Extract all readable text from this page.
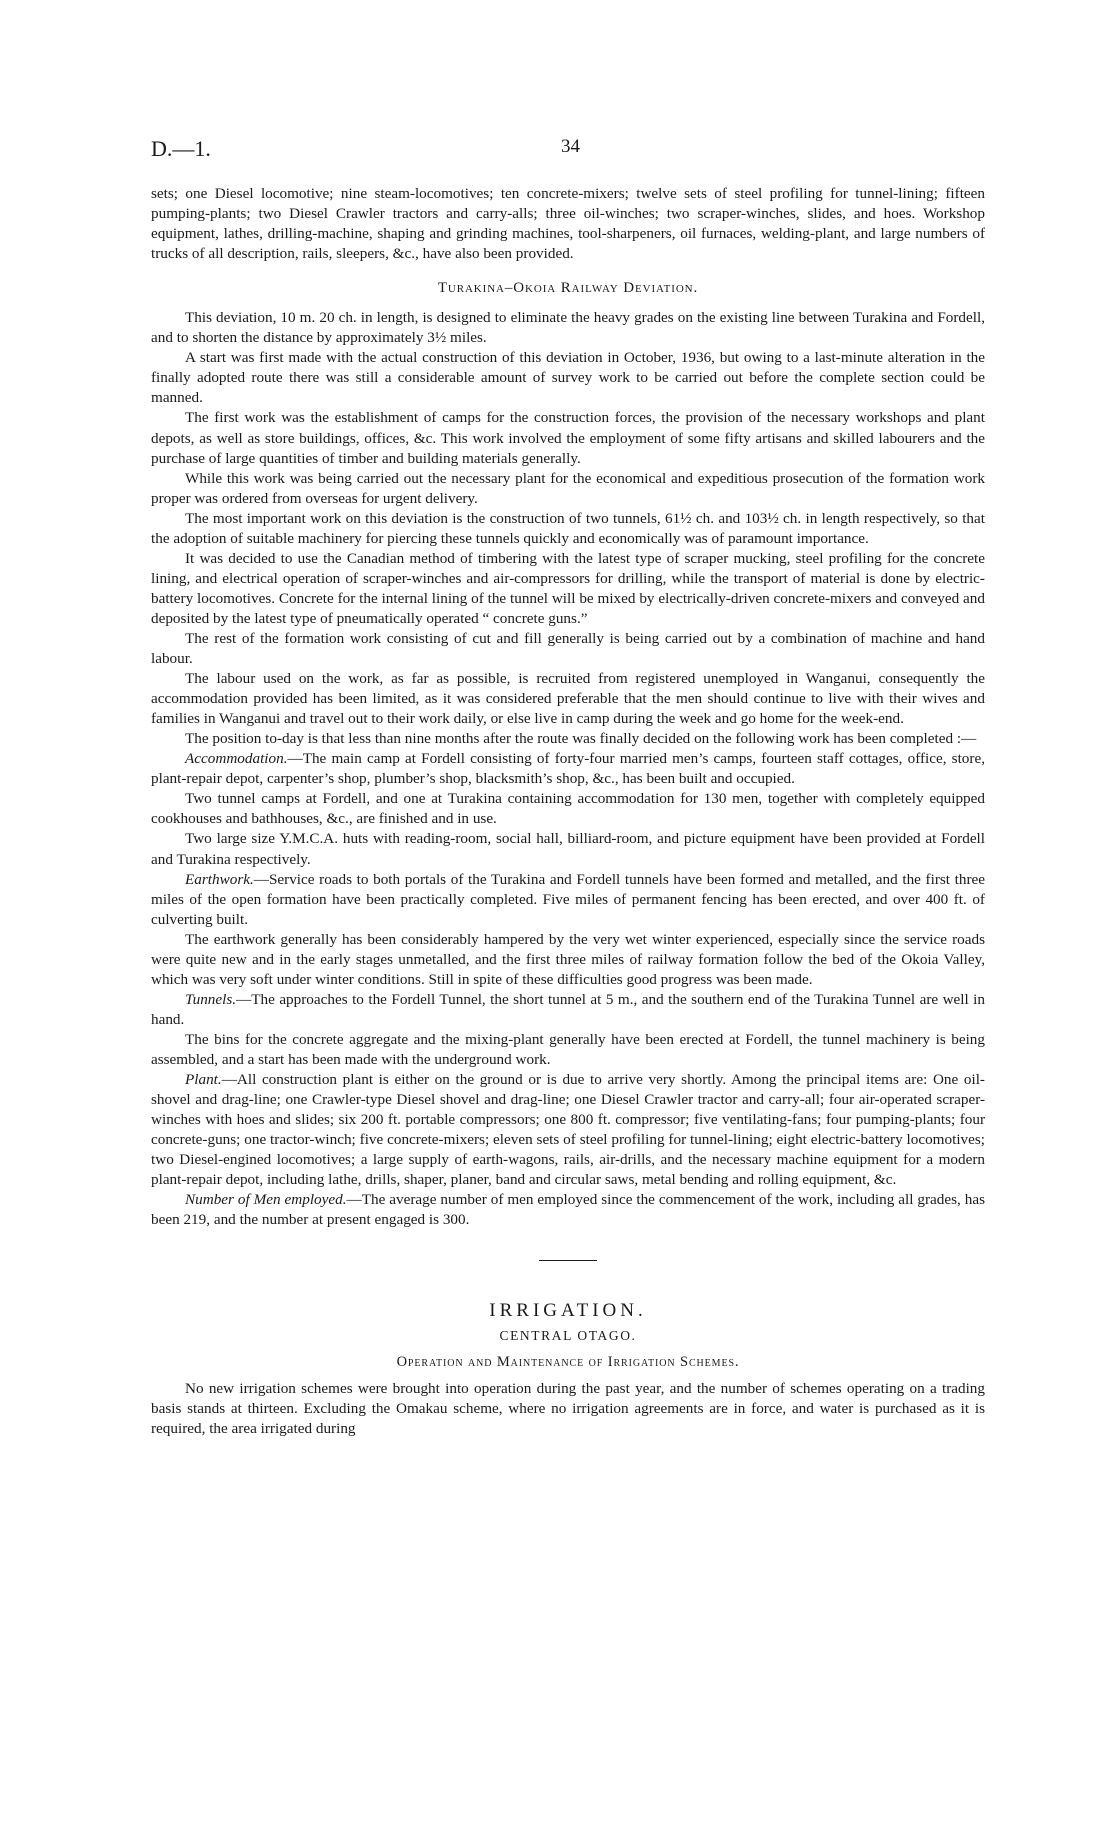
D.—1.	34

sets; one Diesel locomotive; nine steam-locomotives; ten concrete-mixers; twelve sets of steel profiling for tunnel-lining; fifteen pumping-plants; two Diesel Crawler tractors and carry-alls; three oil-winches; two scraper-winches, slides, and hoes. Workshop equipment, lathes, drilling-machine, shaping and grinding machines, tool-sharpeners, oil furnaces, welding-plant, and large numbers of trucks of all description, rails, sleepers, &c., have also been provided.

Turakina–Okoia Railway Deviation.

This deviation, 10 m. 20 ch. in length, is designed to eliminate the heavy grades on the existing line between Turakina and Fordell, and to shorten the distance by approximately 3½ miles.

A start was first made with the actual construction of this deviation in October, 1936, but owing to a last-minute alteration in the finally adopted route there was still a considerable amount of survey work to be carried out before the complete section could be manned.

The first work was the establishment of camps for the construction forces, the provision of the necessary workshops and plant depots, as well as store buildings, offices, &c. This work involved the employment of some fifty artisans and skilled labourers and the purchase of large quantities of timber and building materials generally.

While this work was being carried out the necessary plant for the economical and expeditious prosecution of the formation work proper was ordered from overseas for urgent delivery.

The most important work on this deviation is the construction of two tunnels, 61½ ch. and 103½ ch. in length respectively, so that the adoption of suitable machinery for piercing these tunnels quickly and economically was of paramount importance.

It was decided to use the Canadian method of timbering with the latest type of scraper mucking, steel profiling for the concrete lining, and electrical operation of scraper-winches and air-compressors for drilling, while the transport of material is done by electric-battery locomotives. Concrete for the internal lining of the tunnel will be mixed by electrically-driven concrete-mixers and conveyed and deposited by the latest type of pneumatically operated “ concrete guns.”

The rest of the formation work consisting of cut and fill generally is being carried out by a combination of machine and hand labour.

The labour used on the work, as far as possible, is recruited from registered unemployed in Wanganui, consequently the accommodation provided has been limited, as it was considered preferable that the men should continue to live with their wives and families in Wanganui and travel out to their work daily, or else live in camp during the week and go home for the week-end.

The position to-day is that less than nine months after the route was finally decided on the following work has been completed :—

Accommodation.—The main camp at Fordell consisting of forty-four married men’s camps, fourteen staff cottages, office, store, plant-repair depot, carpenter’s shop, plumber’s shop, blacksmith’s shop, &c., has been built and occupied.

Two tunnel camps at Fordell, and one at Turakina containing accommodation for 130 men, together with completely equipped cookhouses and bathhouses, &c., are finished and in use.

Two large size Y.M.C.A. huts with reading-room, social hall, billiard-room, and picture equipment have been provided at Fordell and Turakina respectively.

Earthwork.—Service roads to both portals of the Turakina and Fordell tunnels have been formed and metalled, and the first three miles of the open formation have been practically completed. Five miles of permanent fencing has been erected, and over 400 ft. of culverting built.

The earthwork generally has been considerably hampered by the very wet winter experienced, especially since the service roads were quite new and in the early stages unmetalled, and the first three miles of railway formation follow the bed of the Okoia Valley, which was very soft under winter conditions. Still in spite of these difficulties good progress was been made.

Tunnels.—The approaches to the Fordell Tunnel, the short tunnel at 5 m., and the southern end of the Turakina Tunnel are well in hand.

The bins for the concrete aggregate and the mixing-plant generally have been erected at Fordell, the tunnel machinery is being assembled, and a start has been made with the underground work.

Plant.—All construction plant is either on the ground or is due to arrive very shortly. Among the principal items are: One oil-shovel and drag-line; one Crawler-type Diesel shovel and drag-line; one Diesel Crawler tractor and carry-all; four air-operated scraper-winches with hoes and slides; six 200 ft. portable compressors; one 800 ft. compressor; five ventilating-fans; four pumping-plants; four concrete-guns; one tractor-winch; five concrete-mixers; eleven sets of steel profiling for tunnel-lining; eight electric-battery locomotives; two Diesel-engined locomotives; a large supply of earth-wagons, rails, air-drills, and the necessary machine equipment for a modern plant-repair depot, including lathe, drills, shaper, planer, band and circular saws, metal bending and rolling equipment, &c.

Number of Men employed.—The average number of men employed since the commencement of the work, including all grades, has been 219, and the number at present engaged is 300.

IRRIGATION.
CENTRAL OTAGO.
Operation and Maintenance of Irrigation Schemes.

No new irrigation schemes were brought into operation during the past year, and the number of schemes operating on a trading basis stands at thirteen. Excluding the Omakau scheme, where no irrigation agreements are in force, and water is purchased as it is required, the area irrigated during
